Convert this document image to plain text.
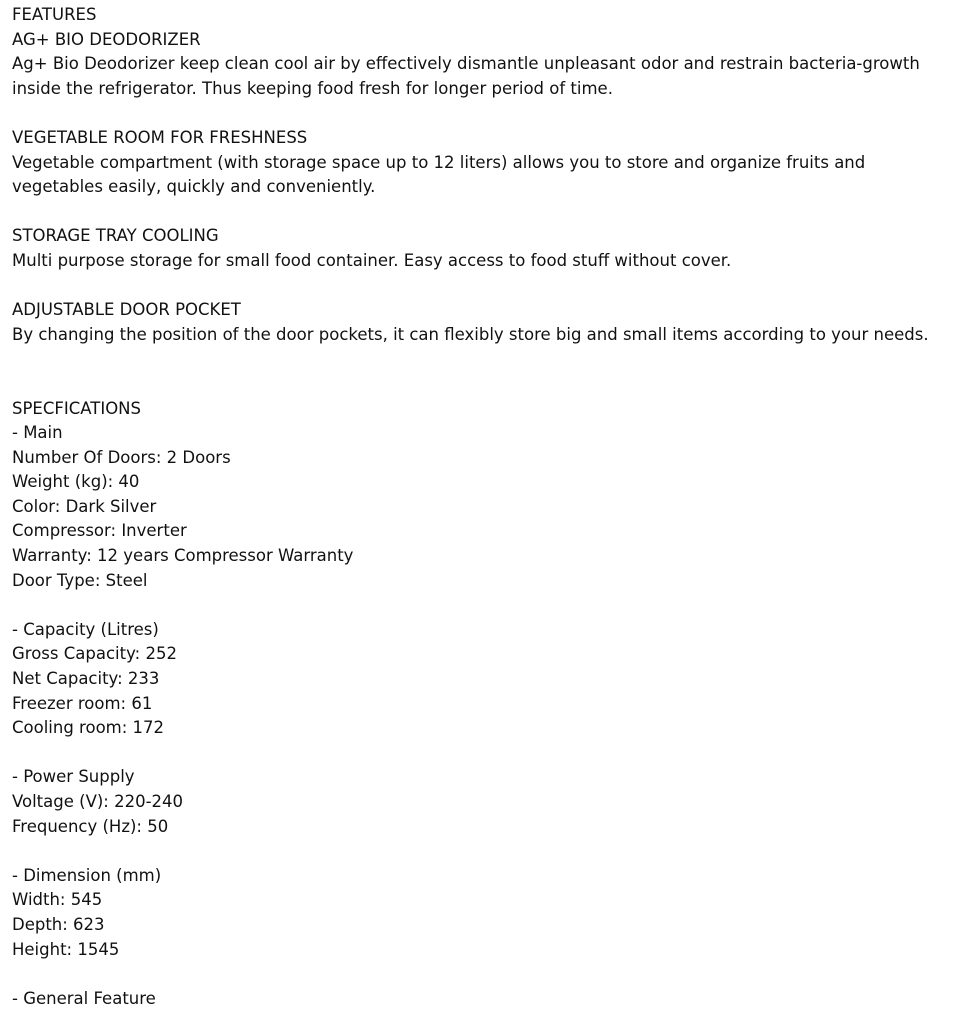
FEATURES
AG+ BIO DEODORIZER
Ag+ Bio Deodorizer keep clean cool air by effectively dismantle unpleasant odor and restrain bacteria-growth inside the refrigerator. Thus keeping food fresh for longer period of time.
VEGETABLE ROOM FOR FRESHNESS
Vegetable compartment (with storage space up to 12 liters) allows you to store and organize fruits and vegetables easily, quickly and conveniently.
STORAGE TRAY COOLING
Multi purpose storage for small food container. Easy access to food stuff without cover.
ADJUSTABLE DOOR POCKET
By changing the position of the door pockets, it can flexibly store big and small items according to your needs.
SPECFICATIONS
- Main
Number Of Doors: 2 Doors
Weight (kg): 40
Color: Dark Silver
Compressor: Inverter
Warranty: 12 years Compressor Warranty
Door Type: Steel
- Capacity (Litres)
Gross Capacity: 252
Net Capacity: 233
Freezer room: 61
Cooling room: 172
- Power Supply
Voltage (V): 220-240
Frequency (Hz): 50
- Dimension (mm)
Width: 545
Depth: 623
Height: 1545
- General Feature
